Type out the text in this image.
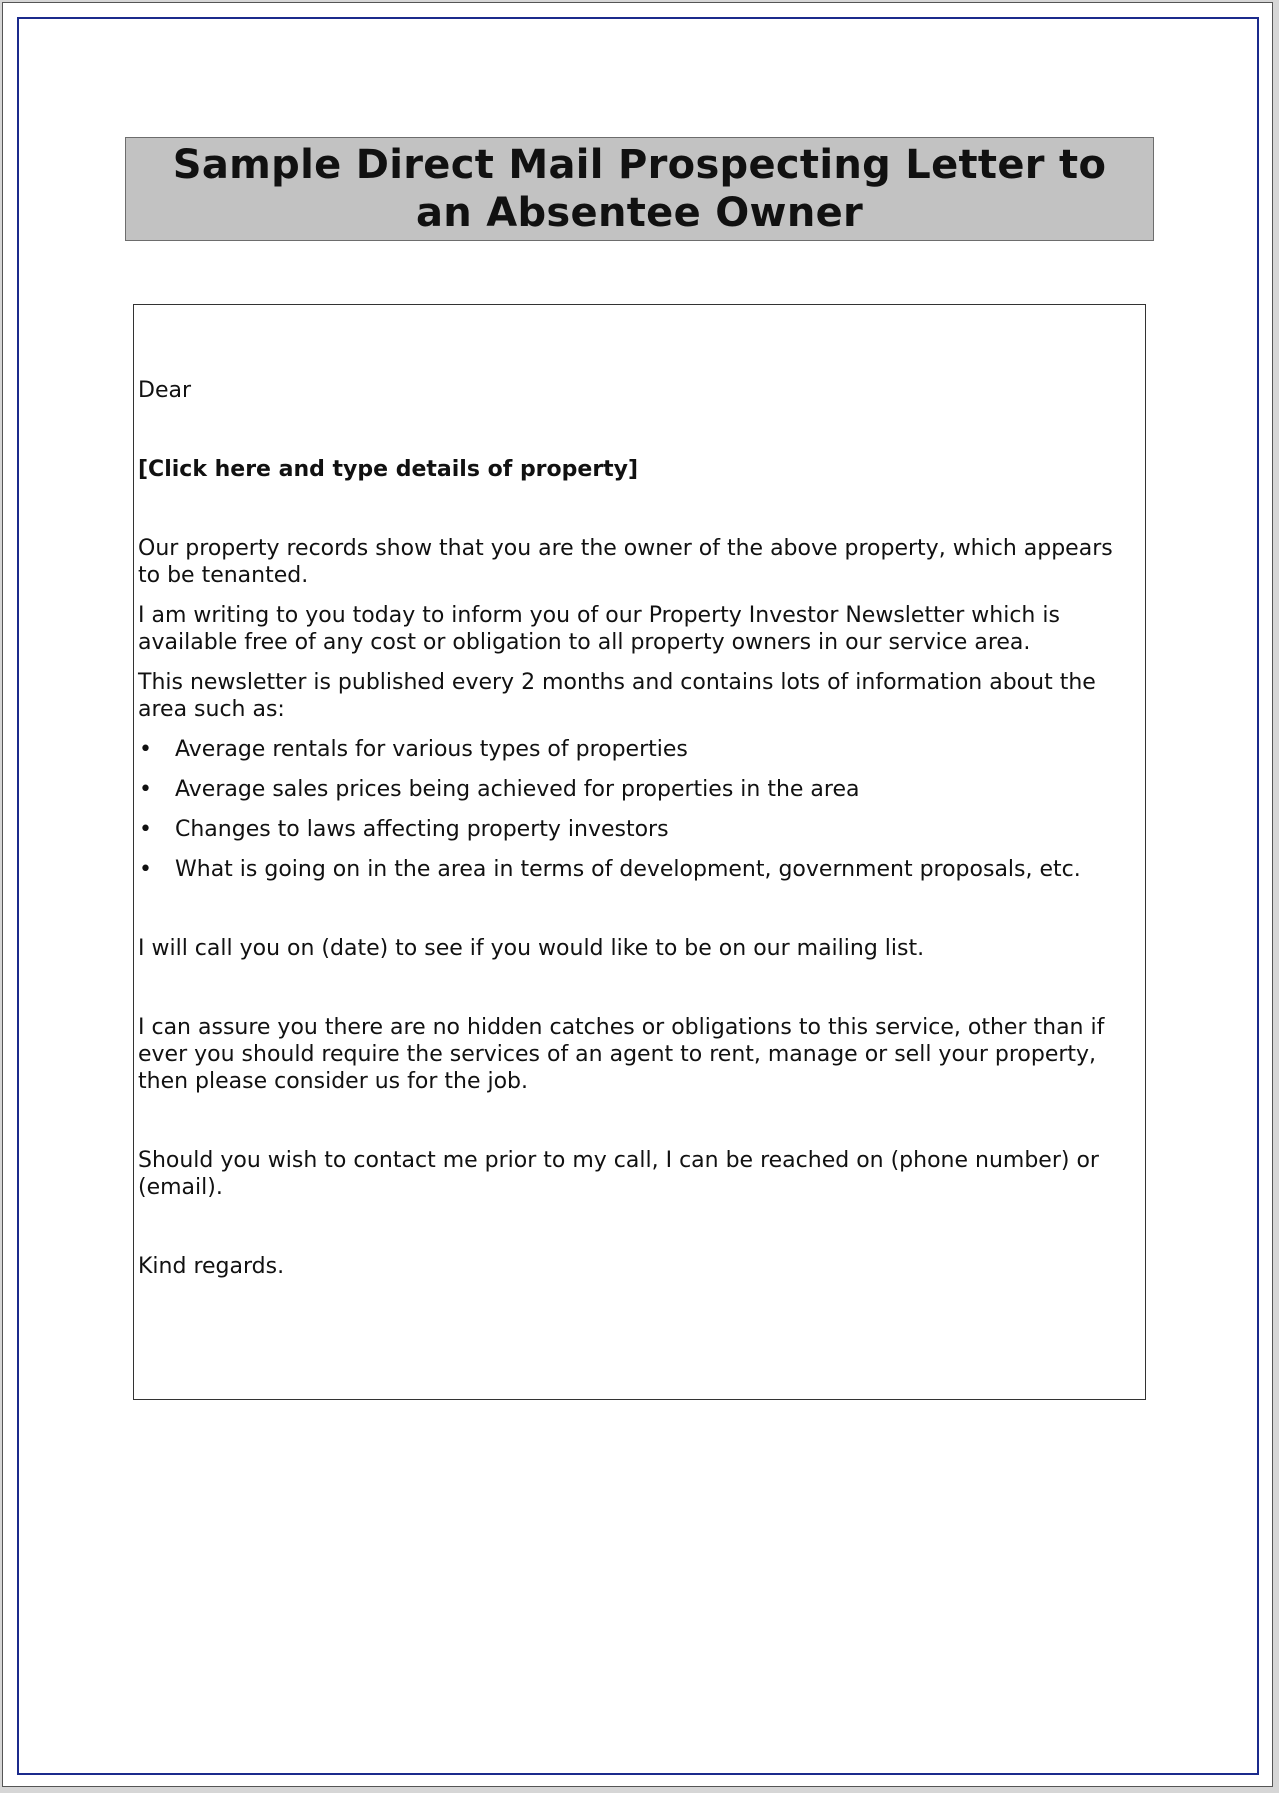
Sample Direct Mail Prospecting Letter to an Absentee Owner

Dear

[Click here and type details of property]

Our property records show that you are the owner of the above property, which appears to be tenanted.

I am writing to you today to inform you of our Property Investor Newsletter which is available free of any cost or obligation to all property owners in our service area.

This newsletter is published every 2 months and contains lots of information about the area such as:

• Average rentals for various types of properties
• Average sales prices being achieved for properties in the area
• Changes to laws affecting property investors
• What is going on in the area in terms of development, government proposals, etc.

I will call you on (date) to see if you would like to be on our mailing list.

I can assure you there are no hidden catches or obligations to this service, other than if ever you should require the services of an agent to rent, manage or sell your property, then please consider us for the job.

Should you wish to contact me prior to my call, I can be reached on (phone number) or (email).

Kind regards.
